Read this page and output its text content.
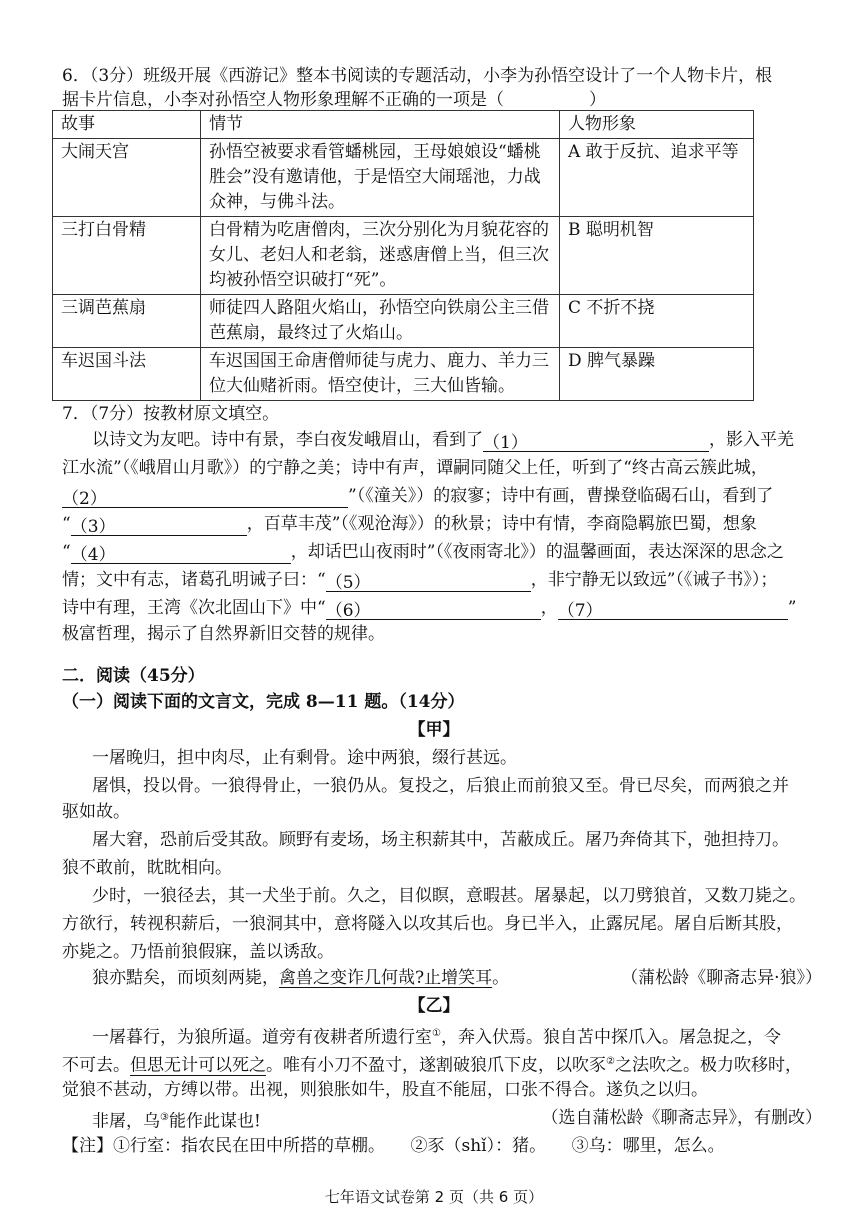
6．（3分）班级开展《西游记》整本书阅读的专题活动，小李为孙悟空设计了一个人物卡片，根
据卡片信息，小李对孙悟空人物形象理解不正确的一项是（　　　　　）
故事	情节	人物形象
大闹天宫	孙悟空被要求看管蟠桃园，王母娘娘设“蟠桃
胜会”没有邀请他，于是悟空大闹瑶池，力战
众神，与佛斗法。	A 敢于反抗、追求平等
三打白骨精	白骨精为吃唐僧肉，三次分别化为月貌花容的
女儿、老妇人和老翁，迷惑唐僧上当，但三次
均被孙悟空识破打“死”。	B 聪明机智
三调芭蕉扇	师徒四人路阻火焰山，孙悟空向铁扇公主三借
芭蕉扇，最终过了火焰山。	C 不折不挠
车迟国斗法	车迟国国王命唐僧师徒与虎力、鹿力、羊力三
位大仙赌祈雨。悟空使计，三大仙皆输。	D 脾气暴躁
7．（7分）按教材原文填空。
以诗文为友吧。诗中有景，李白夜发峨眉山，看到了（1）	，影入平羌
江水流”（《峨眉山月歌》）的宁静之美；诗中有声，谭嗣同随父上任，听到了“终古高云簇此城，
（2）	”（《潼关》）的寂寥；诗中有画，曹操登临碣石山，看到了
“（3）	，百草丰茂”（《观沧海》）的秋景；诗中有情，李商隐羁旅巴蜀，想象
“（4）	，却话巴山夜雨时”（《夜雨寄北》）的温馨画面，表达深深的思念之
情；文中有志，诸葛孔明诫子曰：“（5）	，非宁静无以致远”（《诫子书》）；
诗中有理，王湾《次北固山下》中“（6）	，（7）	”
极富哲理，揭示了自然界新旧交替的规律。
二．阅读（45分）
（一）阅读下面的文言文，完成 8—11 题。（14分）
【甲】
一屠晚归，担中肉尽，止有剩骨。途中两狼，缀行甚远。
屠惧，投以骨。一狼得骨止，一狼仍从。复投之，后狼止而前狼又至。骨已尽矣，而两狼之并
驱如故。
屠大窘，恐前后受其敌。顾野有麦场，场主积薪其中，苫蔽成丘。屠乃奔倚其下，弛担持刀。
狼不敢前，眈眈相向。
少时，一狼径去，其一犬坐于前。久之，目似瞑，意暇甚。屠暴起，以刀劈狼首，又数刀毙之。
方欲行，转视积薪后，一狼洞其中，意将隧入以攻其后也。身已半入，止露尻尾。屠自后断其股，
亦毙之。乃悟前狼假寐，盖以诱敌。
狼亦黠矣，而顷刻两毙，禽兽之变诈几何哉?止增笑耳。	（蒲松龄《聊斋志异·狼》）
【乙】
一屠暮行，为狼所逼。道旁有夜耕者所遗行室①，奔入伏焉。狼自苫中探爪入。屠急捉之，令
不可去。但思无计可以死之。唯有小刀不盈寸，遂割破狼爪下皮，以吹豕②之法吹之。极力吹移时，
觉狼不甚动，方缚以带。出视，则狼胀如牛，股直不能屈，口张不得合。遂负之以归。
非屠，乌③能作此谋也!	（选自蒲松龄《聊斋志异》，有删改）
【注】①行室：指农民在田中所搭的草棚。　　②豕（shǐ）：猪。　　③乌：哪里，怎么。
七年语文试卷第 2 页（共 6 页）
